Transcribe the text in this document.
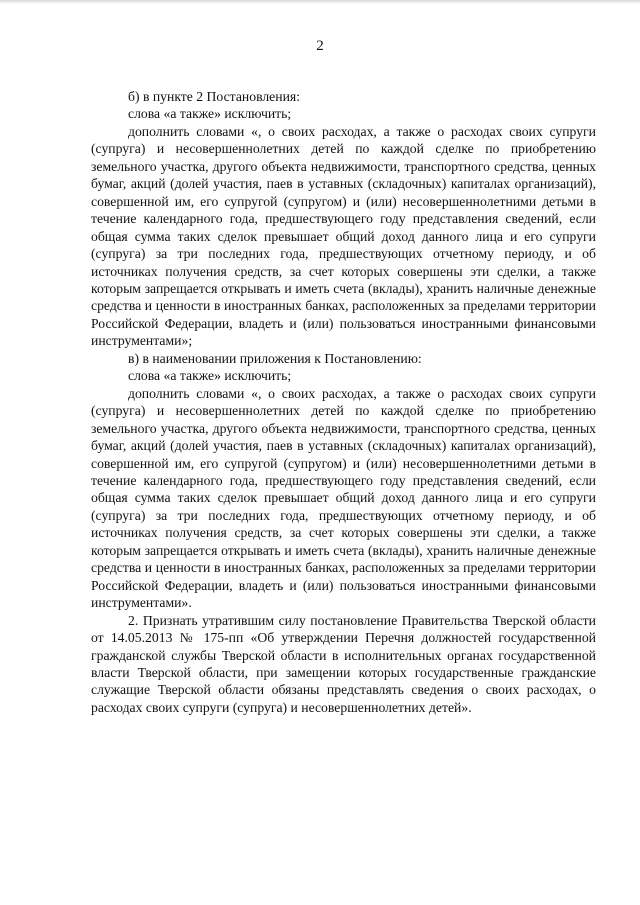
2

б) в пункте 2 Постановления:

слова «а также» исключить;

дополнить словами «, о своих расходах, а также о расходах своих супруги (супруга) и несовершеннолетних детей по каждой сделке по приобретению земельного участка, другого объекта недвижимости, транспортного средства, ценных бумаг, акций (долей участия, паев в уставных (складочных) капиталах организаций), совершенной им, его супругой (супругом) и (или) несовершеннолетними детьми в течение календарного года, предшествующего году представления сведений, если общая сумма таких сделок превышает общий доход данного лица и его супруги (супруга) за три последних года, предшествующих отчетному периоду, и об источниках получения средств, за счет которых совершены эти сделки, а также которым запрещается открывать и иметь счета (вклады), хранить наличные денежные средства и ценности в иностранных банках, расположенных за пределами территории Российской Федерации, владеть и (или) пользоваться иностранными финансовыми инструментами»;

в) в наименовании приложения к Постановлению:

слова «а также» исключить;

дополнить словами «, о своих расходах, а также о расходах своих супруги (супруга) и несовершеннолетних детей по каждой сделке по приобретению земельного участка, другого объекта недвижимости, транспортного средства, ценных бумаг, акций (долей участия, паев в уставных (складочных) капиталах организаций), совершенной им, его супругой (супругом) и (или) несовершеннолетними детьми в течение календарного года, предшествующего году представления сведений, если общая сумма таких сделок превышает общий доход данного лица и его супруги (супруга) за три последних года, предшествующих отчетному периоду, и об источниках получения средств, за счет которых совершены эти сделки, а также которым запрещается открывать и иметь счета (вклады), хранить наличные денежные средства и ценности в иностранных банках, расположенных за пределами территории Российской Федерации, владеть и (или) пользоваться иностранными финансовыми инструментами».

2. Признать утратившим силу постановление Правительства Тверской области от 14.05.2013 № 175-пп «Об утверждении Перечня должностей государственной гражданской службы Тверской области в исполнительных органах государственной власти Тверской области, при замещении которых государственные гражданские служащие Тверской области обязаны представлять сведения о своих расходах, о расходах своих супруги (супруга) и несовершеннолетних детей».
